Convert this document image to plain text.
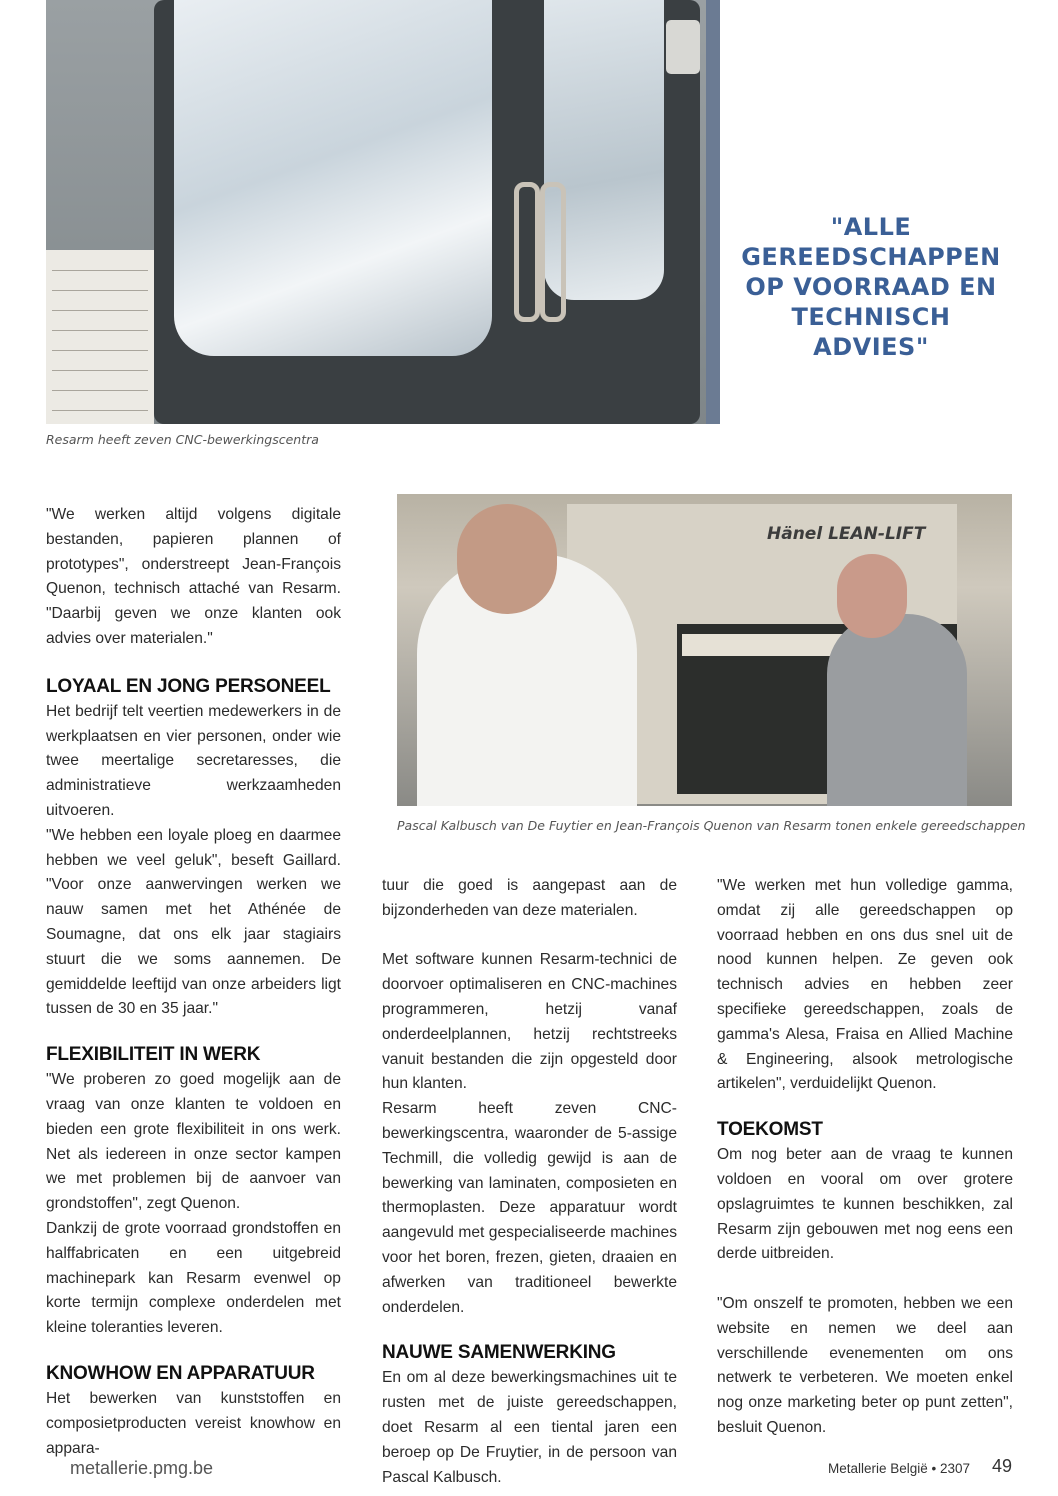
Resarm heeft zeven CNC-bewerkingscentra
"ALLE GEREEDSCHAPPEN OP VOORRAAD EN TECHNISCH ADVIES"
Hänel LEAN-LIFT
Pascal Kalbusch van De Fuytier en Jean-François Quenon van Resarm tonen enkele gereedschappen

"We werken altijd volgens digitale bestanden, papieren plannen of prototypes", onderstreept Jean-François Quenon, technisch attaché van Resarm. "Daarbij geven we onze klanten ook advies over materialen."

LOYAAL EN JONG PERSONEEL

Het bedrijf telt veertien medewerkers in de werkplaatsen en vier personen, onder wie twee meertalige secretaresses, die administratieve werkzaamheden uitvoeren.

"We hebben een loyale ploeg en daarmee hebben we veel geluk", beseft Gaillard. "Voor onze aanwervingen werken we nauw samen met het Athénée de Soumagne, dat ons elk jaar stagiairs stuurt die we soms aannemen. De gemiddelde leeftijd van onze arbeiders ligt tussen de 30 en 35 jaar."

FLEXIBILITEIT IN WERK

"We proberen zo goed mogelijk aan de vraag van onze klanten te voldoen en bieden een grote flexibiliteit in ons werk. Net als iedereen in onze sector kampen we met problemen bij de aanvoer van grondstoffen", zegt Quenon.

Dankzij de grote voorraad grondstoffen en halffabricaten en een uitgebreid machinepark kan Resarm evenwel op korte termijn complexe onderdelen met kleine toleranties leveren.

KNOWHOW EN APPARATUUR

Het bewerken van kunststoffen en composietproducten vereist knowhow en appara-

tuur die goed is aangepast aan de bijzonderheden van deze materialen.

Met software kunnen Resarm-technici de doorvoer optimaliseren en CNC-machines programmeren, hetzij vanaf onderdeelplannen, hetzij rechtstreeks vanuit bestanden die zijn opgesteld door hun klanten.

Resarm heeft zeven CNC-bewerkingscentra, waaronder de 5-assige Techmill, die volledig gewijd is aan de bewerking van laminaten, composieten en thermoplasten. Deze apparatuur wordt aangevuld met gespecialiseerde machines voor het boren, frezen, gieten, draaien en afwerken van traditioneel bewerkte onderdelen.

NAUWE SAMENWERKING

En om al deze bewerkingsmachines uit te rusten met de juiste gereedschappen, doet Resarm al een tiental jaren een beroep op De Fruytier, in de persoon van Pascal Kalbusch.

"We werken met hun volledige gamma, omdat zij alle gereedschappen op voorraad hebben en ons dus snel uit de nood kunnen helpen. Ze geven ook technisch advies en hebben zeer specifieke gereedschappen, zoals de gamma's Alesa, Fraisa en Allied Machine & Engineering, alsook metrologische artikelen", verduidelijkt Quenon.

TOEKOMST

Om nog beter aan de vraag te kunnen voldoen en vooral om over grotere opslagruimtes te kunnen beschikken, zal Resarm zijn gebouwen met nog eens een derde uitbreiden.

"Om onszelf te promoten, hebben we een website en nemen we deel aan verschillende evenementen om ons netwerk te verbeteren. We moeten enkel nog onze marketing beter op punt zetten", besluit Quenon.

metallerie.pmg.be	Metallerie België • 2307 49
